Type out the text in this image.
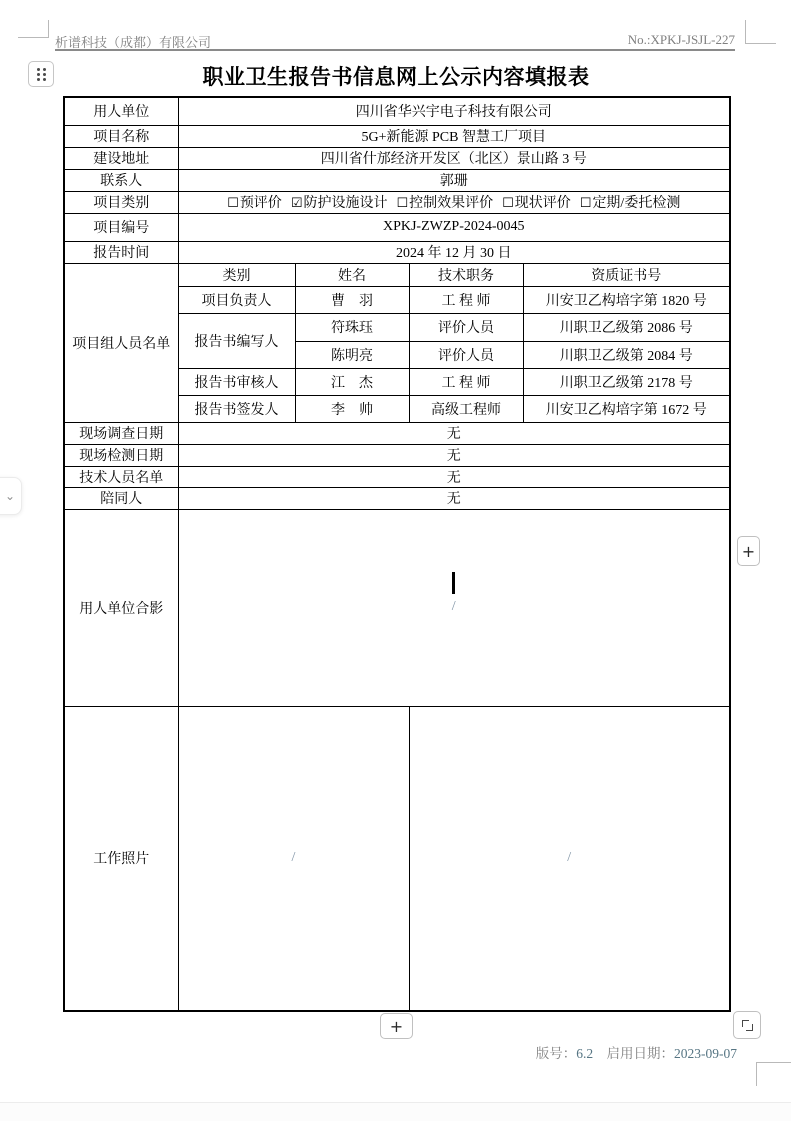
析谱科技（成都）有限公司	No.:XPKJ-JSJL-227
职业卫生报告书信息网上公示内容填报表
用人单位	四川省华兴宇电子科技有限公司			
项目名称	5G+新能源 PCB 智慧工厂项目			
建设地址	四川省什邡经济开发区（北区）景山路 3 号			
联系人	郭珊			
项目类别	☐预评价 ☑防护设施设计 ☐控制效果评价 ☐现状评价 ☐定期/委托检测			

项目编号	XPKJ-ZWZP-2024-0045			
报告时间	2024 年 12 月 30 日			
项目组人员名单	类别	姓名	技术职务	资质证书号
	项目负责人	曹　羽	工 程 师	川安卫乙构培字第 1820 号
	报告书编写人	符珠珏	评价人员	川职卫乙级第 2086 号
		陈明亮	评价人员	川职卫乙级第 2084 号
	报告书审核人	江　杰	工 程 师	川职卫乙级第 2178 号
	报告书签发人	李　帅	高级工程师	川安卫乙构培字第 1672 号
现场调查日期	无			
现场检测日期	无			
技术人员名单	无			
陪同人	无			
用人单位合影	/			

工作照片	/		/	
⌄
+
+
版号：6.2 启用日期：2023-09-07
